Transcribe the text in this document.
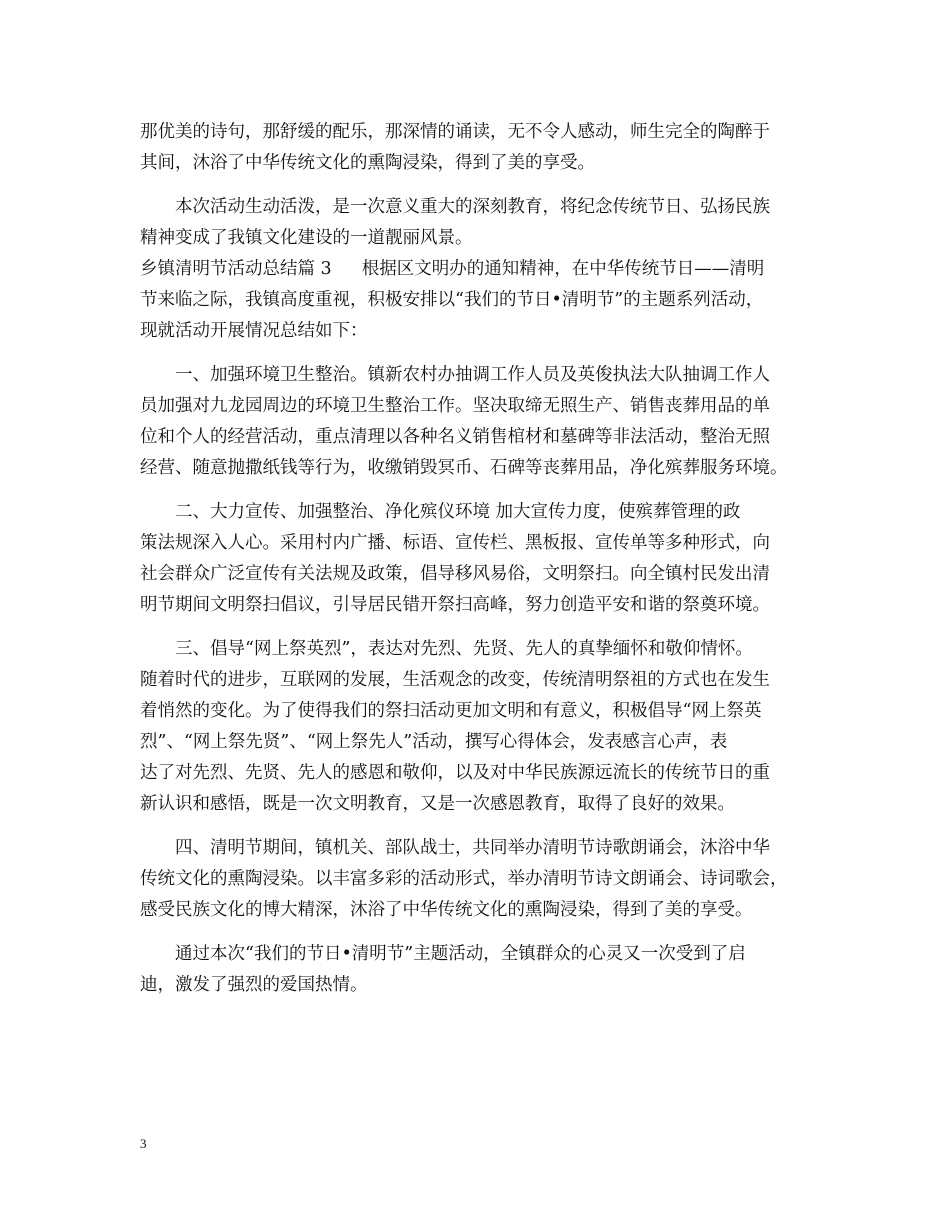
那优美的诗句，那舒缓的配乐，那深情的诵读，无不令人感动，师生完全的陶醉于
其间，沐浴了中华传统文化的熏陶浸染，得到了美的享受。
本次活动生动活泼，是一次意义重大的深刻教育，将纪念传统节日、弘扬民族
精神变成了我镇文化建设的一道靓丽风景。
乡镇清明节活动总结篇 3 根据区文明办的通知精神，在中华传统节日——清明
节来临之际，我镇高度重视，积极安排以“我们的节日•清明节”的主题系列活动，
现就活动开展情况总结如下：
一、加强环境卫生整治。镇新农村办抽调工作人员及英俊执法大队抽调工作人
员加强对九龙园周边的环境卫生整治工作。坚决取缔无照生产、销售丧葬用品的单
位和个人的经营活动，重点清理以各种名义销售棺材和墓碑等非法活动，整治无照
经营、随意抛撒纸钱等行为，收缴销毁冥币、石碑等丧葬用品，净化殡葬服务环境。
二、大力宣传、加强整治、净化殡仪环境 加大宣传力度，使殡葬管理的政
策法规深入人心。采用村内广播、标语、宣传栏、黑板报、宣传单等多种形式，向
社会群众广泛宣传有关法规及政策，倡导移风易俗，文明祭扫。向全镇村民发出清
明节期间文明祭扫倡议，引导居民错开祭扫高峰，努力创造平安和谐的祭奠环境。
三、倡导“网上祭英烈”，表达对先烈、先贤、先人的真挚缅怀和敬仰情怀。
随着时代的进步，互联网的发展，生活观念的改变，传统清明祭祖的方式也在发生
着悄然的变化。为了使得我们的祭扫活动更加文明和有意义，积极倡导“网上祭英
烈”、“网上祭先贤”、“网上祭先人”活动，撰写心得体会，发表感言心声，表
达了对先烈、先贤、先人的感恩和敬仰，以及对中华民族源远流长的传统节日的重
新认识和感悟，既是一次文明教育，又是一次感恩教育，取得了良好的效果。
四、清明节期间，镇机关、部队战士，共同举办清明节诗歌朗诵会，沐浴中华
传统文化的熏陶浸染。以丰富多彩的活动形式，举办清明节诗文朗诵会、诗词歌会，
感受民族文化的博大精深，沐浴了中华传统文化的熏陶浸染，得到了美的享受。
通过本次“我们的节日•清明节”主题活动，全镇群众的心灵又一次受到了启
迪，激发了强烈的爱国热情。
3
